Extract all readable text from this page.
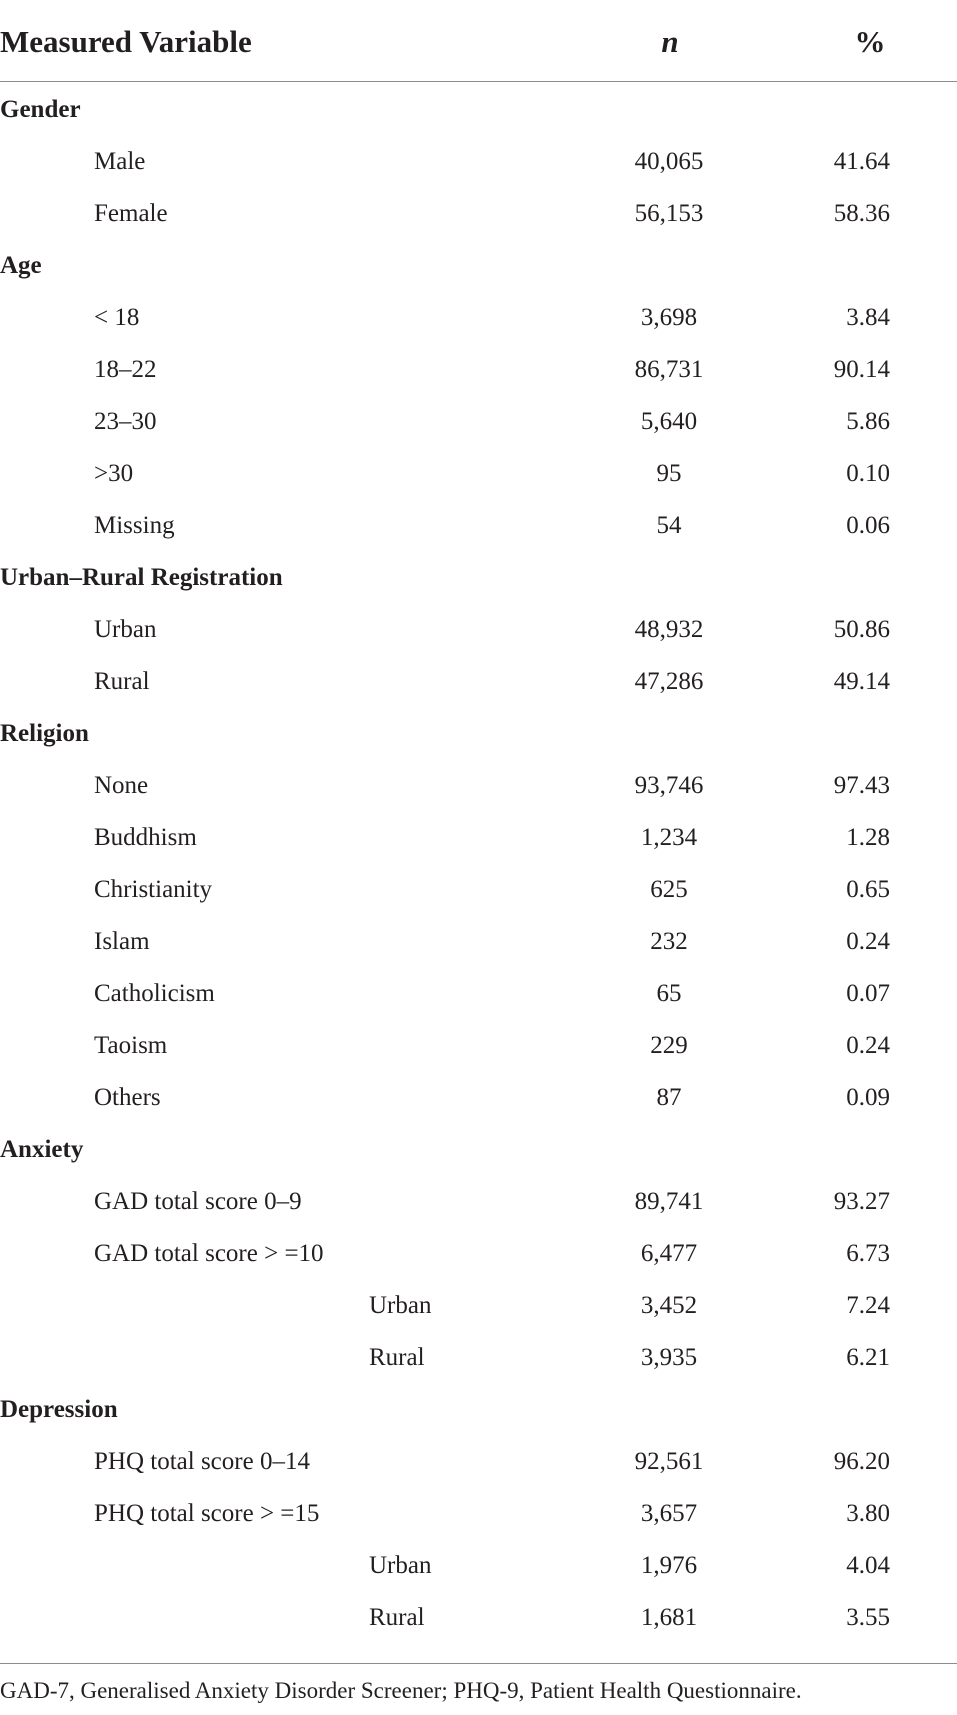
Measured Variable	n	%
Gender
Male	40,065	41.64
Female	56,153	58.36
Age
< 18	3,698	3.84
18–22	86,731	90.14
23–30	5,640	5.86
>30	95	0.10
Missing	54	0.06
Urban–Rural Registration
Urban	48,932	50.86
Rural	47,286	49.14
Religion
None	93,746	97.43
Buddhism	1,234	1.28
Christianity	625	0.65
Islam	232	0.24
Catholicism	65	0.07
Taoism	229	0.24
Others	87	0.09
Anxiety
GAD total score 0–9	89,741	93.27
GAD total score > =10	6,477	6.73
Urban	3,452	7.24
Rural	3,935	6.21
Depression
PHQ total score 0–14	92,561	96.20
PHQ total score > =15	3,657	3.80
Urban	1,976	4.04
Rural	1,681	3.55
GAD-7, Generalised Anxiety Disorder Screener; PHQ-9, Patient Health Questionnaire.
